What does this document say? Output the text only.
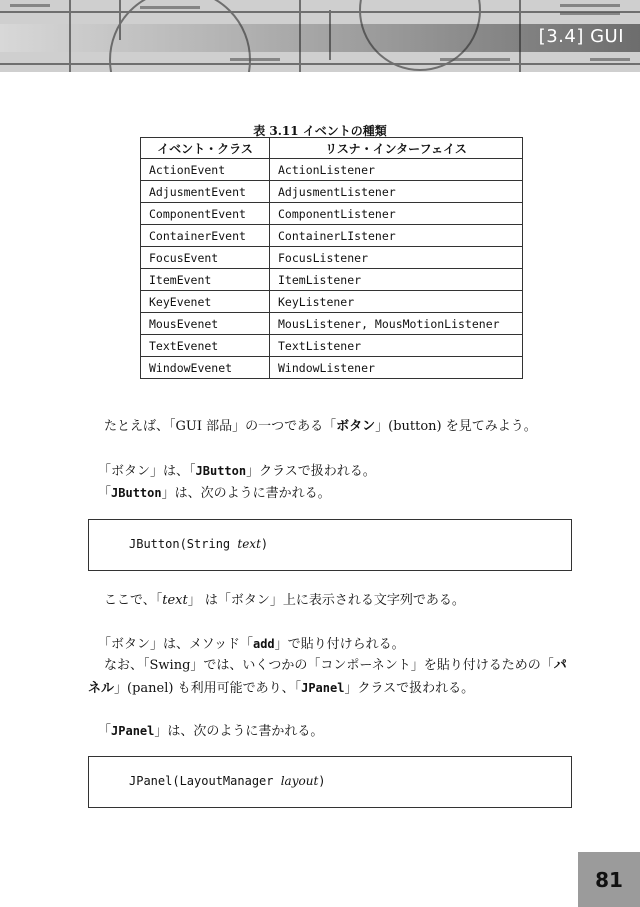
[3.4] GUI
表 3.11 イベントの種類
イベント・クラス	リスナ・インターフェイス
ActionEvent	ActionListener
AdjusmentEvent	AdjusmentListener
ComponentEvent	ComponentListener
ContainerEvent	ContainerLIstener
FocusEvent	FocusListener
ItemEvent	ItemListener
KeyEvenet	KeyListener
MousEvenet	MousListener, MousMotionListener
TextEvenet	TextListener
WindowEvenet	WindowListener
たとえば、「GUI 部品」の一つである「ボタン」(button) を見てみよう。
「ボタン」は、「JButton」クラスで扱われる。
「JButton」は、次のように書かれる。
JButton(String text)
ここで、「text」 は「ボタン」上に表示される文字列である。
「ボタン」は、メソッド「add」で貼り付けられる。
なお、「Swing」では、いくつかの「コンポーネント」を貼り付けるための「パ
ネル」(panel) も利用可能であり、「JPanel」クラスで扱われる。
「JPanel」は、次のように書かれる。
JPanel(LayoutManager layout)
81
